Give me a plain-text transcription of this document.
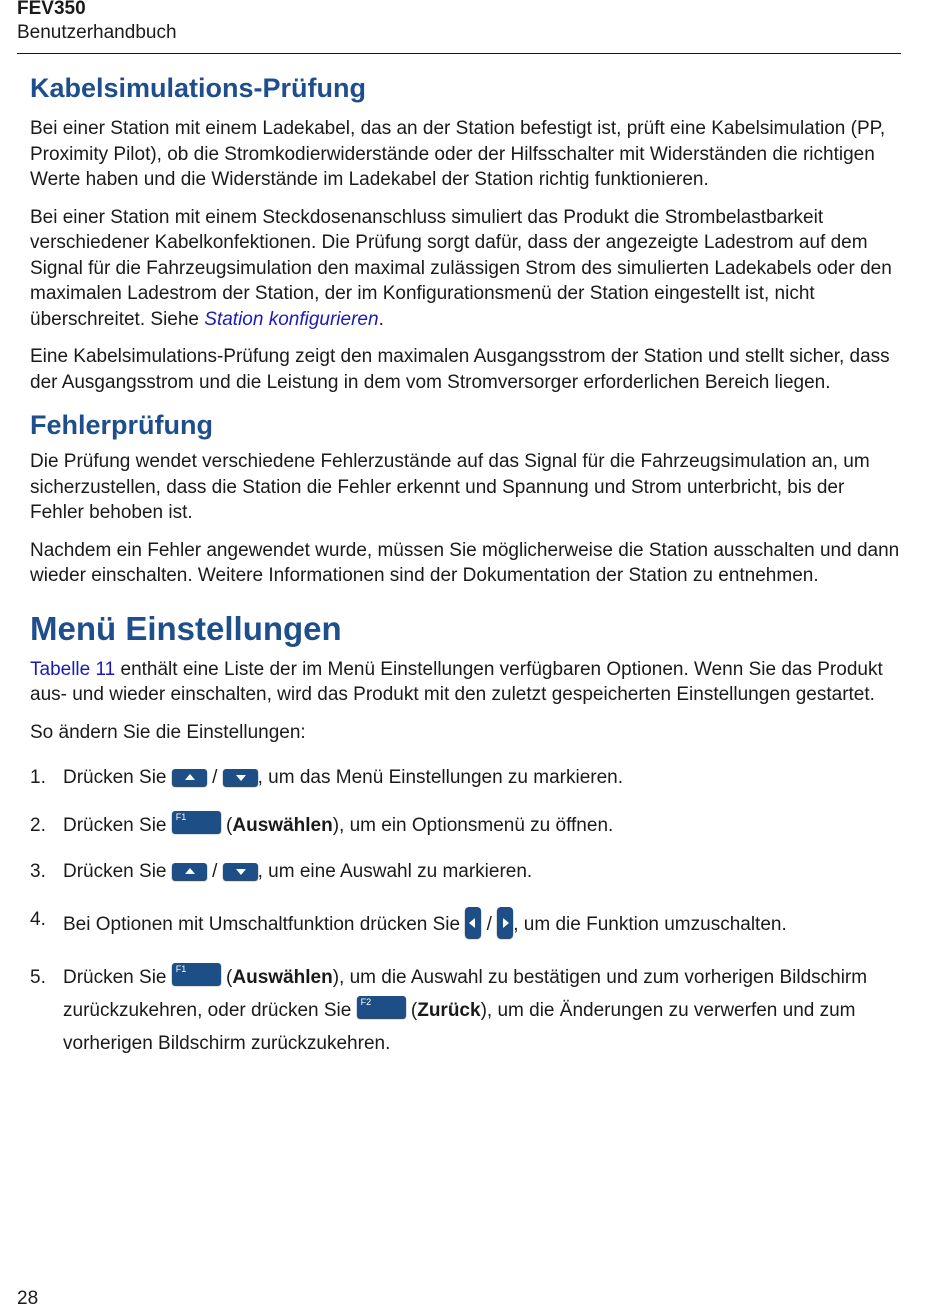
FEV350
Benutzerhandbuch
Kabelsimulations-Prüfung

Bei einer Station mit einem Ladekabel, das an der Station befestigt ist, prüft eine Kabelsimulation (PP, Proximity Pilot), ob die Stromkodierwiderstände oder der Hilfsschalter mit Widerständen die richtigen Werte haben und die Widerstände im Ladekabel der Station richtig funktionieren.

Bei einer Station mit einem Steckdosenanschluss simuliert das Produkt die Strombelastbarkeit verschiedener Kabelkonfektionen. Die Prüfung sorgt dafür, dass der angezeigte Ladestrom auf dem Signal für die Fahrzeugsimulation den maximal zulässigen Strom des simulierten Ladekabels oder den maximalen Ladestrom der Station, der im Konfigurationsmenü der Station eingestellt ist, nicht überschreitet. Siehe Station konfigurieren.

Eine Kabelsimulations-Prüfung zeigt den maximalen Ausgangsstrom der Station und stellt sicher, dass der Ausgangsstrom und die Leistung in dem vom Stromversorger erforderlichen Bereich liegen.

Fehlerprüfung

Die Prüfung wendet verschiedene Fehlerzustände auf das Signal für die Fahrzeugsimulation an, um sicherzustellen, dass die Station die Fehler erkennt und Spannung und Strom unterbricht, bis der Fehler behoben ist.

Nachdem ein Fehler angewendet wurde, müssen Sie möglicherweise die Station ausschalten und dann wieder einschalten. Weitere Informationen sind der Dokumentation der Station zu entnehmen.

Menü Einstellungen

Tabelle 11 enthält eine Liste der im Menü Einstellungen verfügbaren Optionen. Wenn Sie das Produkt aus- und wieder einschalten, wird das Produkt mit den zuletzt gespeicherten Einstellungen gestartet.

So ändern Sie die Einstellungen:

1. Drücken Sie / , um das Menü Einstellungen zu markieren.
2. Drücken Sie F1 (Auswählen), um ein Optionsmenü zu öffnen.
3. Drücken Sie / , um eine Auswahl zu markieren.
4. Bei Optionen mit Umschaltfunktion drücken Sie / , um die Funktion umzuschalten.
5. Drücken Sie F1 (Auswählen), um die Auswahl zu bestätigen und zum vorherigen Bildschirm zurückzukehren, oder drücken Sie F2 (Zurück), um die Änderungen zu verwerfen und zum vorherigen Bildschirm zurückzukehren.
28
